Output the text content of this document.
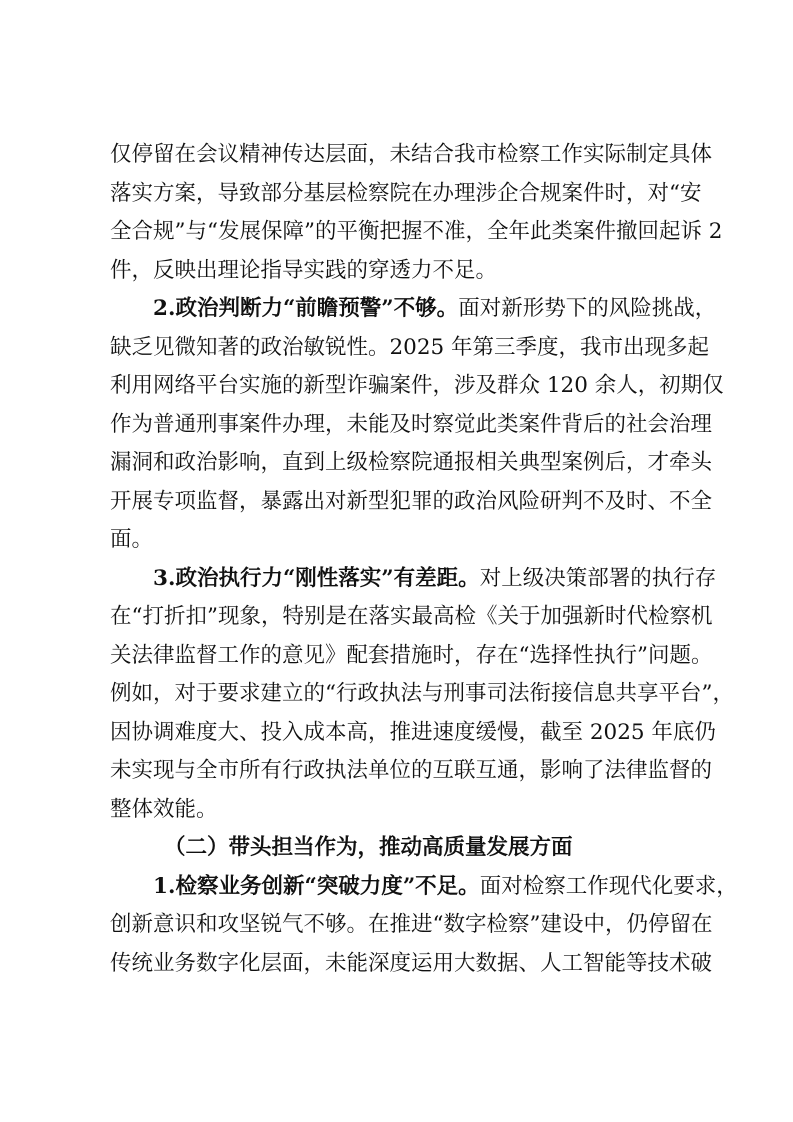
仅停留在会议精神传达层面，未结合我市检察工作实际制定具体
落实方案，导致部分基层检察院在办理涉企合规案件时，对“安
全合规”与“发展保障”的平衡把握不准，全年此类案件撤回起诉 2
件，反映出理论指导实践的穿透力不足。

2.政治判断力“前瞻预警”不够。面对新形势下的风险挑战，
缺乏见微知著的政治敏锐性。2025 年第三季度，我市出现多起
利用网络平台实施的新型诈骗案件，涉及群众 120 余人，初期仅
作为普通刑事案件办理，未能及时察觉此类案件背后的社会治理
漏洞和政治影响，直到上级检察院通报相关典型案例后，才牵头
开展专项监督，暴露出对新型犯罪的政治风险研判不及时、不全
面。

3.政治执行力“刚性落实”有差距。对上级决策部署的执行存
在“打折扣”现象，特别是在落实最高检《关于加强新时代检察机
关法律监督工作的意见》配套措施时，存在“选择性执行”问题。
例如，对于要求建立的“行政执法与刑事司法衔接信息共享平台”，
因协调难度大、投入成本高，推进速度缓慢，截至 2025 年底仍
未实现与全市所有行政执法单位的互联互通，影响了法律监督的
整体效能。

（二）带头担当作为，推动高质量发展方面

1.检察业务创新“突破力度”不足。面对检察工作现代化要求，
创新意识和攻坚锐气不够。在推进“数字检察”建设中，仍停留在
传统业务数字化层面，未能深度运用大数据、人工智能等技术破
